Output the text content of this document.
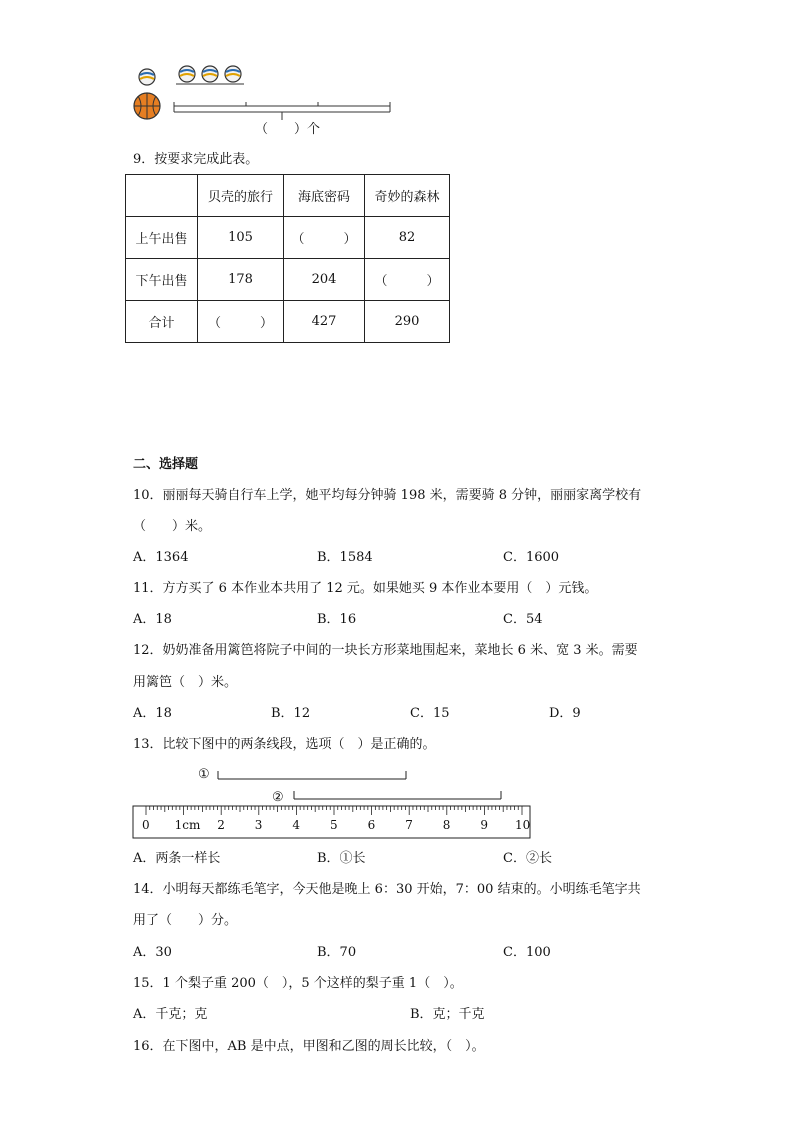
（　　）个
9．按要求完成此表。
	贝壳的旅行	海底密码	奇妙的森林
上午出售	105	（　　　）	82
下午出售	178	204	（　　　）
合计	（　　　）	427	290
二、选择题
10．丽丽每天骑自行车上学，她平均每分钟骑 198 米，需要骑 8 分钟，丽丽家离学校有
（　　）米。
A．1364	B．1584	C．1600
11．方方买了 6 本作业本共用了 12 元。如果她买 9 本作业本要用（　）元钱。
A．18	B．16	C．54
12．奶奶准备用篱笆将院子中间的一块长方形菜地围起来，菜地长 6 米、宽 3 米。需要
用篱笆（　）米。
A．18	B．12	C．15	D．9
13．比较下图中的两条线段，选项（　）是正确的。
①
②
0 1cm 2 3 4 5 6 7 8 9 10
A．两条一样长	B．①长	C．②长
14．小明每天都练毛笔字，今天他是晚上 6：30 开始，7：00 结束的。小明练毛笔字共
用了（　　）分。
A．30	B．70	C．100
15．1 个梨子重 200（　），5 个这样的梨子重 1（　）。
A．千克；克	B．克；千克
16．在下图中，AB 是中点，甲图和乙图的周长比较，（　）。
